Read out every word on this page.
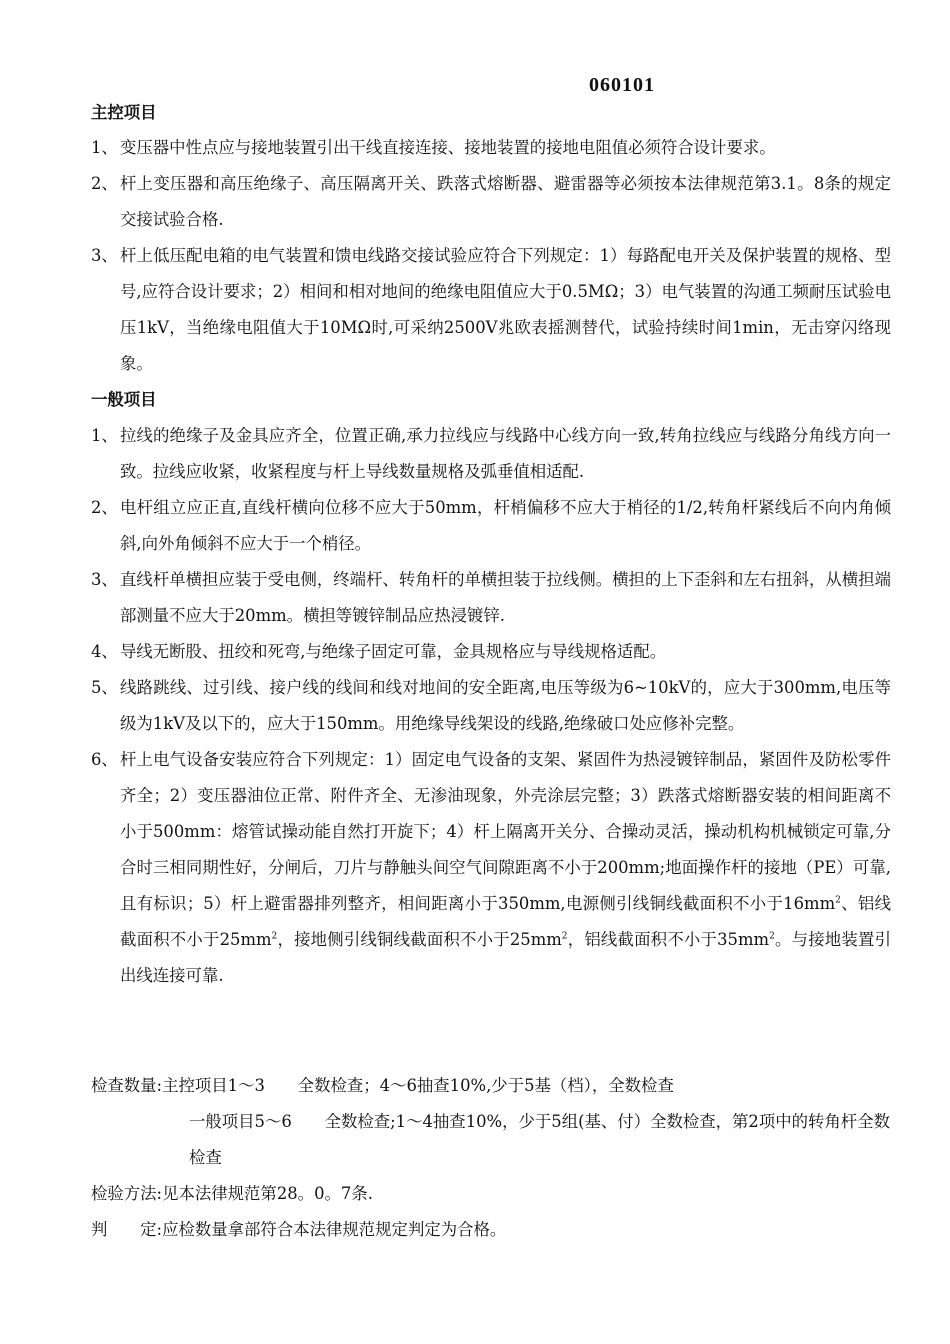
060101
主控项目
1、 变压器中性点应与接地装置引出干线直接连接、接地装置的接地电阻值必须符合设计要求。
2、 杆上变压器和高压绝缘子、高压隔离开关、跌落式熔断器、避雷器等必须按本法律规范第3.1。8条的规定交接试验合格.
3、 杆上低压配电箱的电气装置和馈电线路交接试验应符合下列规定：1）每路配电开关及保护装置的规格、型号,应符合设计要求；2）相间和相对地间的绝缘电阻值应大于0.5MΩ；3）电气装置的沟通工频耐压试验电压1kV，当绝缘电阻值大于10MΩ时,可采纳2500V兆欧表摇测替代，试验持续时间1min，无击穿闪络现象。
一般项目
1、 拉线的绝缘子及金具应齐全，位置正确,承力拉线应与线路中心线方向一致,转角拉线应与线路分角线方向一致。拉线应收紧，收紧程度与杆上导线数量规格及弧垂值相适配.
2、 电杆组立应正直,直线杆横向位移不应大于50mm，杆梢偏移不应大于梢径的1/2,转角杆紧线后不向内角倾斜,向外角倾斜不应大于一个梢径。
3、 直线杆单横担应装于受电侧，终端杆、转角杆的单横担装于拉线侧。横担的上下歪斜和左右扭斜，从横担端部测量不应大于20mm。横担等镀锌制品应热浸镀锌.
4、 导线无断股、扭绞和死弯,与绝缘子固定可靠，金具规格应与导线规格适配。
5、 线路跳线、过引线、接户线的线间和线对地间的安全距离,电压等级为6~10kV的，应大于300mm,电压等级为1kV及以下的，应大于150mm。用绝缘导线架设的线路,绝缘破口处应修补完整。
6、 杆上电气设备安装应符合下列规定：1）固定电气设备的支架、紧固件为热浸镀锌制品，紧固件及防松零件齐全；2）变压器油位正常、附件齐全、无渗油现象，外壳涂层完整；3）跌落式熔断器安装的相间距离不小于500mm：熔管试操动能自然打开旋下；4）杆上隔离开关分、合操动灵活，操动机构机械锁定可靠,分合时三相同期性好，分闸后，刀片与静触头间空气间隙距离不小于200mm;地面操作杆的接地（PE）可靠,且有标识；5）杆上避雷器排列整齐，相间距离小于350mm,电源侧引线铜线截面积不小于$16mm^2$、铝线截面积不小于$25mm^2$，接地侧引线铜线截面积不小于$25mm^2$，铝线截面积不小于$35mm^2$。与接地装置引出线连接可靠.
检查数量:主控项目1～3　　全数检查；4～6抽查10%,少于5基（档），全数检查
一般项目5～6　　全数检查;1～4抽查10%，少于5组(基、付）全数检查，第2项中的转角杆全数检查
检验方法:见本法律规范第28。0。7条.
判　　定:应检数量拿部符合本法律规范规定判定为合格。
